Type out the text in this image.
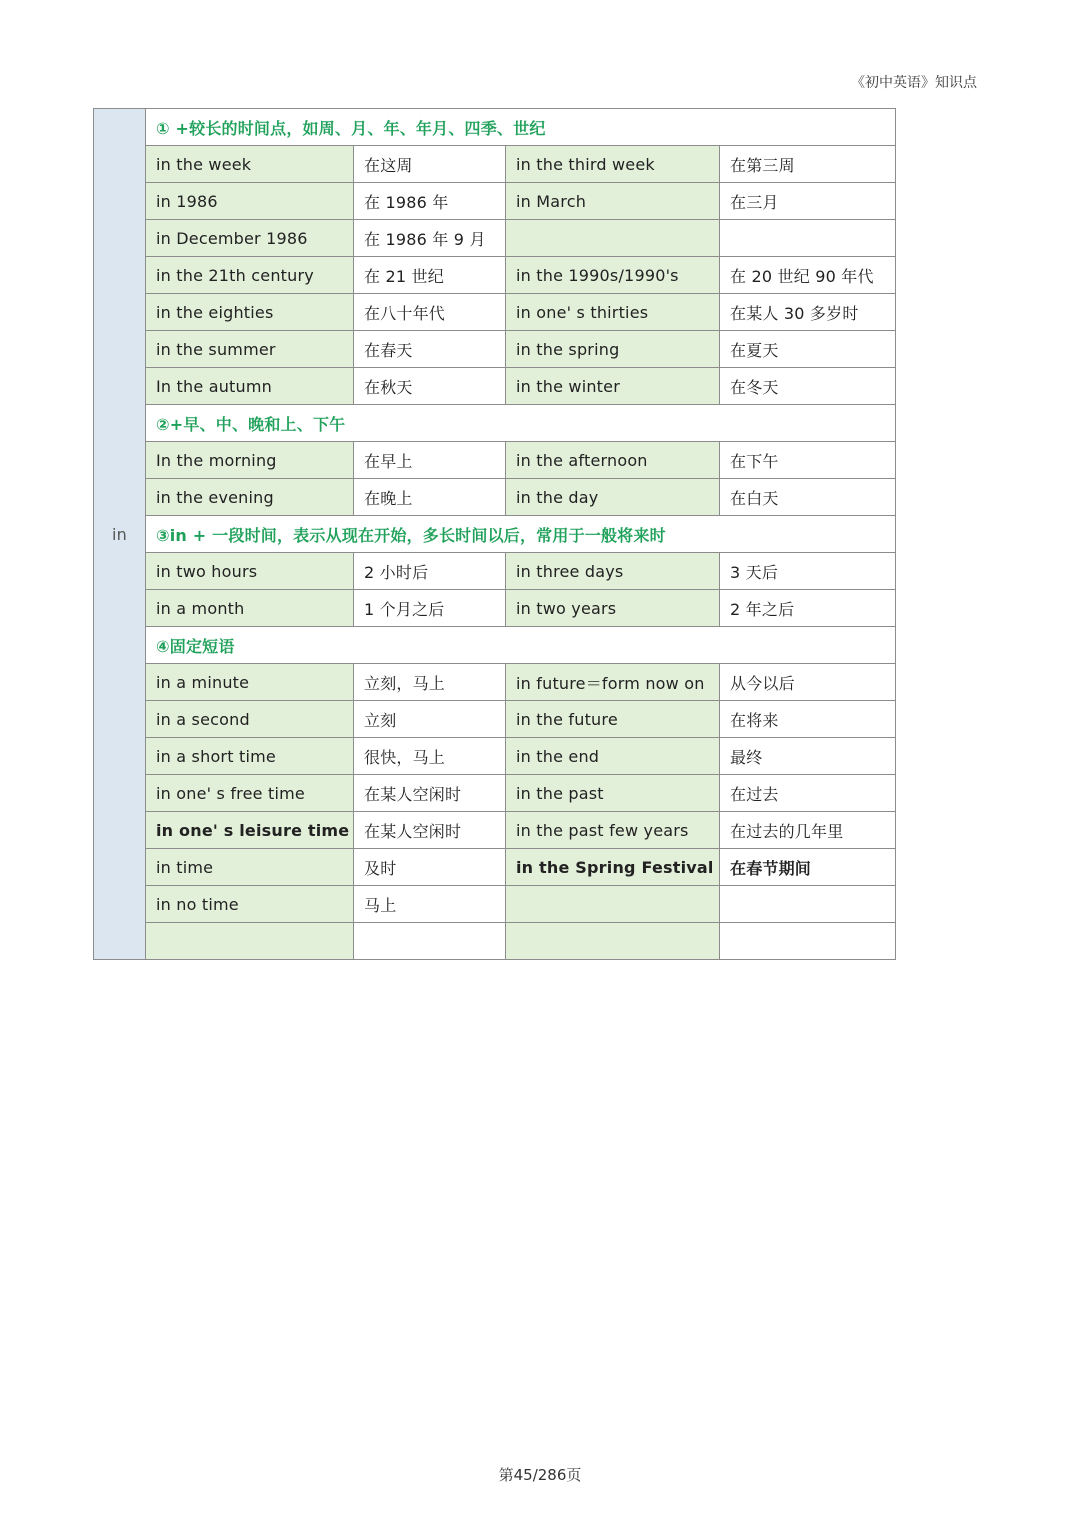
《初中英语》知识点
in	① +较长的时间点，如周、月、年、年月、四季、世纪			
	in the week	在这周	in the third week	在第三周
	in 1986	在 1986 年	in March	在三月
	in December 1986	在 1986 年 9 月		
	in the 21th century	在 21 世纪	in the 1990s/1990's	在 20 世纪 90 年代
	in the eighties	在八十年代	in one' s thirties	在某人 30 多岁时
	in the summer	在春天	in the spring	在夏天
	In the autumn	在秋天	in the winter	在冬天
	②+早、中、晚和上、下午			
	In the morning	在早上	in the afternoon	在下午
	in the evening	在晚上	in the day	在白天
	③in + 一段时间，表示从现在开始，多长时间以后，常用于一般将来时			
	in two hours	2 小时后	in three days	3 天后
	in a month	1 个月之后	in two years	2 年之后
	④固定短语			
	in a minute	立刻，马上	in future＝form now on	从今以后
	in a second	立刻	in the future	在将来
	in a short time	很快，马上	in the end	最终
	in one' s free time	在某人空闲时	in the past	在过去
	in one' s leisure time	在某人空闲时	in the past few years	在过去的几年里
	in time	及时	in the Spring Festival	在春节期间
	in no time	马上		

第45/286页
